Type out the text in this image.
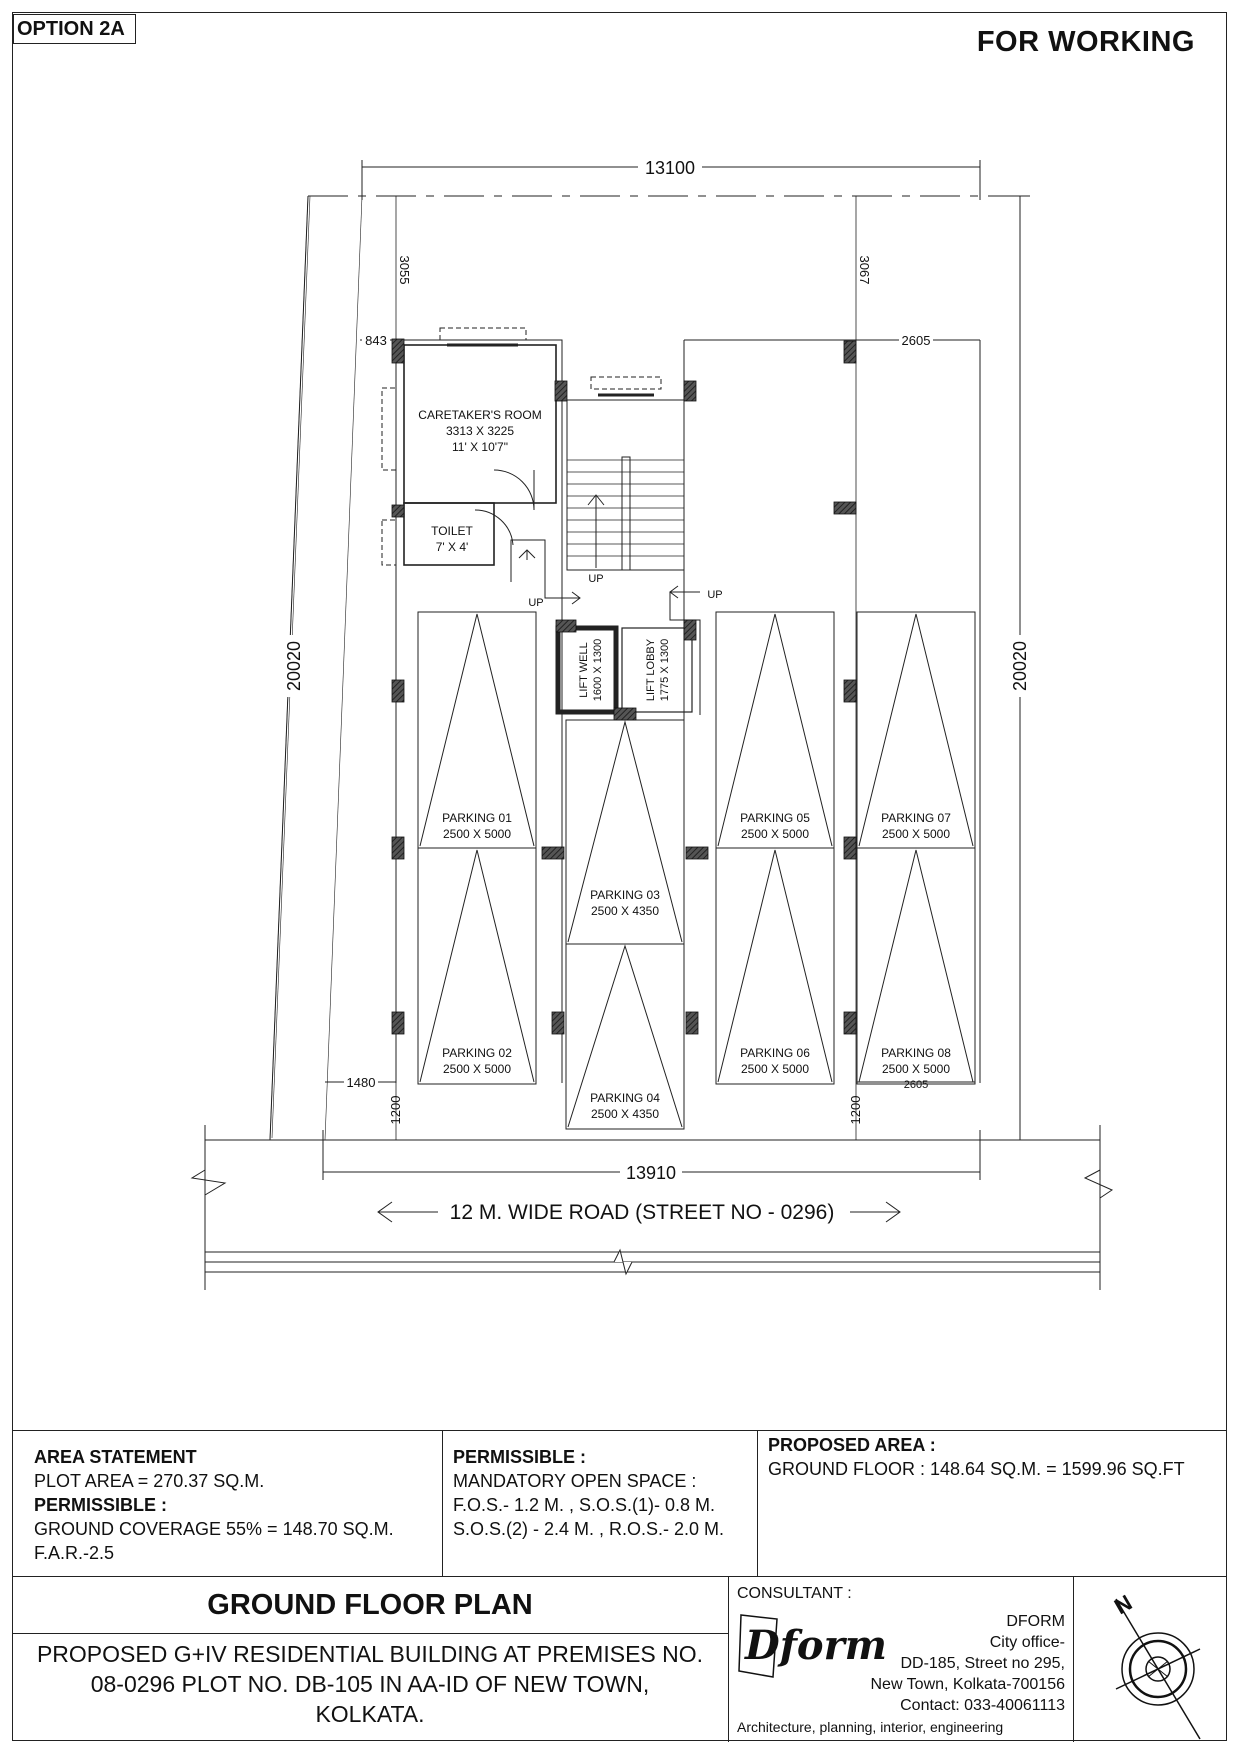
OPTION 2A	FOR WORKING
13100
13910
20020	20020
3055	3067
843	2605
2605
1480
1200	1200
CARETAKER'S ROOM
3313 X 3225
11' X 10'7"
TOILET
7' X 4'
LIFT WELL 1600 X 1300	LIFT LOBBY 1775 X 1300
UP
UP
UP
PARKING 01
2500 X 5000
PARKING 02
2500 X 5000
PARKING 03
2500 X 4350
PARKING 04
2500 X 4350
PARKING 05
2500 X 5000
PARKING 06
2500 X 5000
PARKING 07
2500 X 5000
PARKING 08
2500 X 5000
12 M. WIDE ROAD (STREET NO - 0296)
AREA STATEMENT
PLOT AREA = 270.37 SQ.M.
PERMISSIBLE :
GROUND COVERAGE 55% = 148.70 SQ.M.
F.A.R.-2.5
PERMISSIBLE :
MANDATORY OPEN SPACE :
F.O.S.- 1.2 M. , S.O.S.(1)- 0.8 M.
S.O.S.(2) - 2.4 M. , R.O.S.- 2.0 M.
PROPOSED AREA :
GROUND FLOOR : 148.64 SQ.M. = 1599.96 SQ.FT
GROUND FLOOR PLAN
PROPOSED G+IV RESIDENTIAL BUILDING AT PREMISES NO.
08-0296 PLOT NO. DB-105 IN AA-ID OF NEW TOWN,
KOLKATA.
CONSULTANT :
Dform
DFORM
City office-
DD-185, Street no 295,
New Town, Kolkata-700156
Contact: 033-40061113
Architecture, planning, interior, engineering
N
